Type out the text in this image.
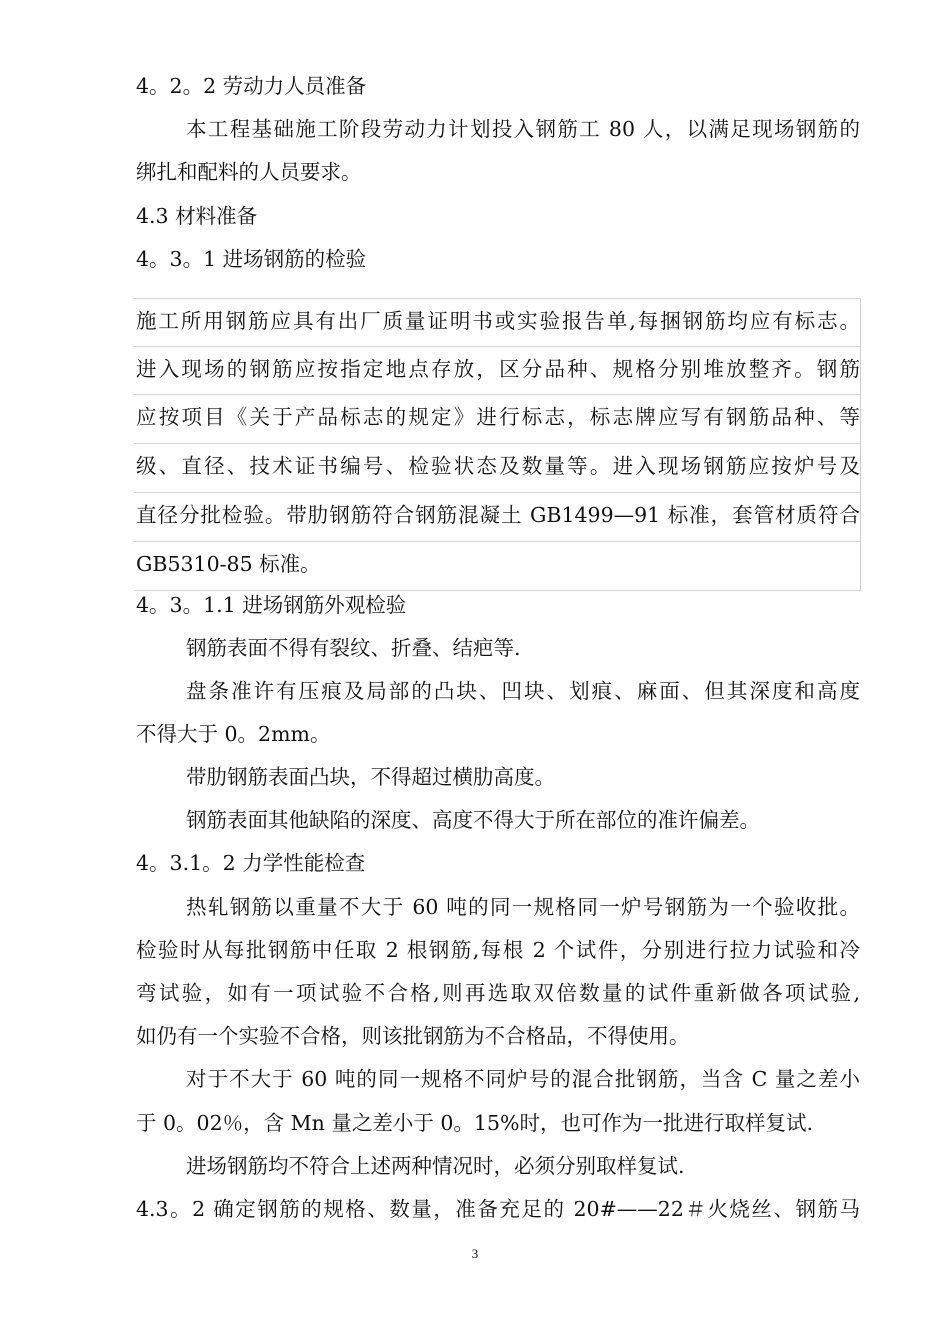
4。2。2 劳动力人员准备
本工程基础施工阶段劳动力计划投入钢筋工 80 人，以满足现场钢筋的
绑扎和配料的人员要求。
4.3 材料准备
4。3。1 进场钢筋的检验
施工所用钢筋应具有出厂质量证明书或实验报告单,每捆钢筋均应有标志。
进入现场的钢筋应按指定地点存放，区分品种、规格分别堆放整齐。钢筋
应按项目《关于产品标志的规定》进行标志，标志牌应写有钢筋品种、等
级、直径、技术证书编号、检验状态及数量等。进入现场钢筋应按炉号及
直径分批检验。带肋钢筋符合钢筋混凝土 GB1499—91 标准，套管材质符合
GB5310-85 标准。
4。3。1.1 进场钢筋外观检验
钢筋表面不得有裂纹、折叠、结疤等.
盘条准许有压痕及局部的凸块、凹块、划痕、麻面、但其深度和高度
不得大于 0。2mm。
带肋钢筋表面凸块，不得超过横肋高度。
钢筋表面其他缺陷的深度、高度不得大于所在部位的准许偏差。
4。3.1。2 力学性能检查
热轧钢筋以重量不大于 60 吨的同一规格同一炉号钢筋为一个验收批。
检验时从每批钢筋中任取 2 根钢筋,每根 2 个试件，分别进行拉力试验和冷
弯试验，如有一项试验不合格,则再选取双倍数量的试件重新做各项试验,
如仍有一个实验不合格，则该批钢筋为不合格品，不得使用。
对于不大于 60 吨的同一规格不同炉号的混合批钢筋，当含 C 量之差小
于 0。02％，含 Mn 量之差小于 0。15%时，也可作为一批进行取样复试.
进场钢筋均不符合上述两种情况时，必须分别取样复试.
4.3。2 确定钢筋的规格、数量，准备充足的 20#——22＃火烧丝、钢筋马
3
